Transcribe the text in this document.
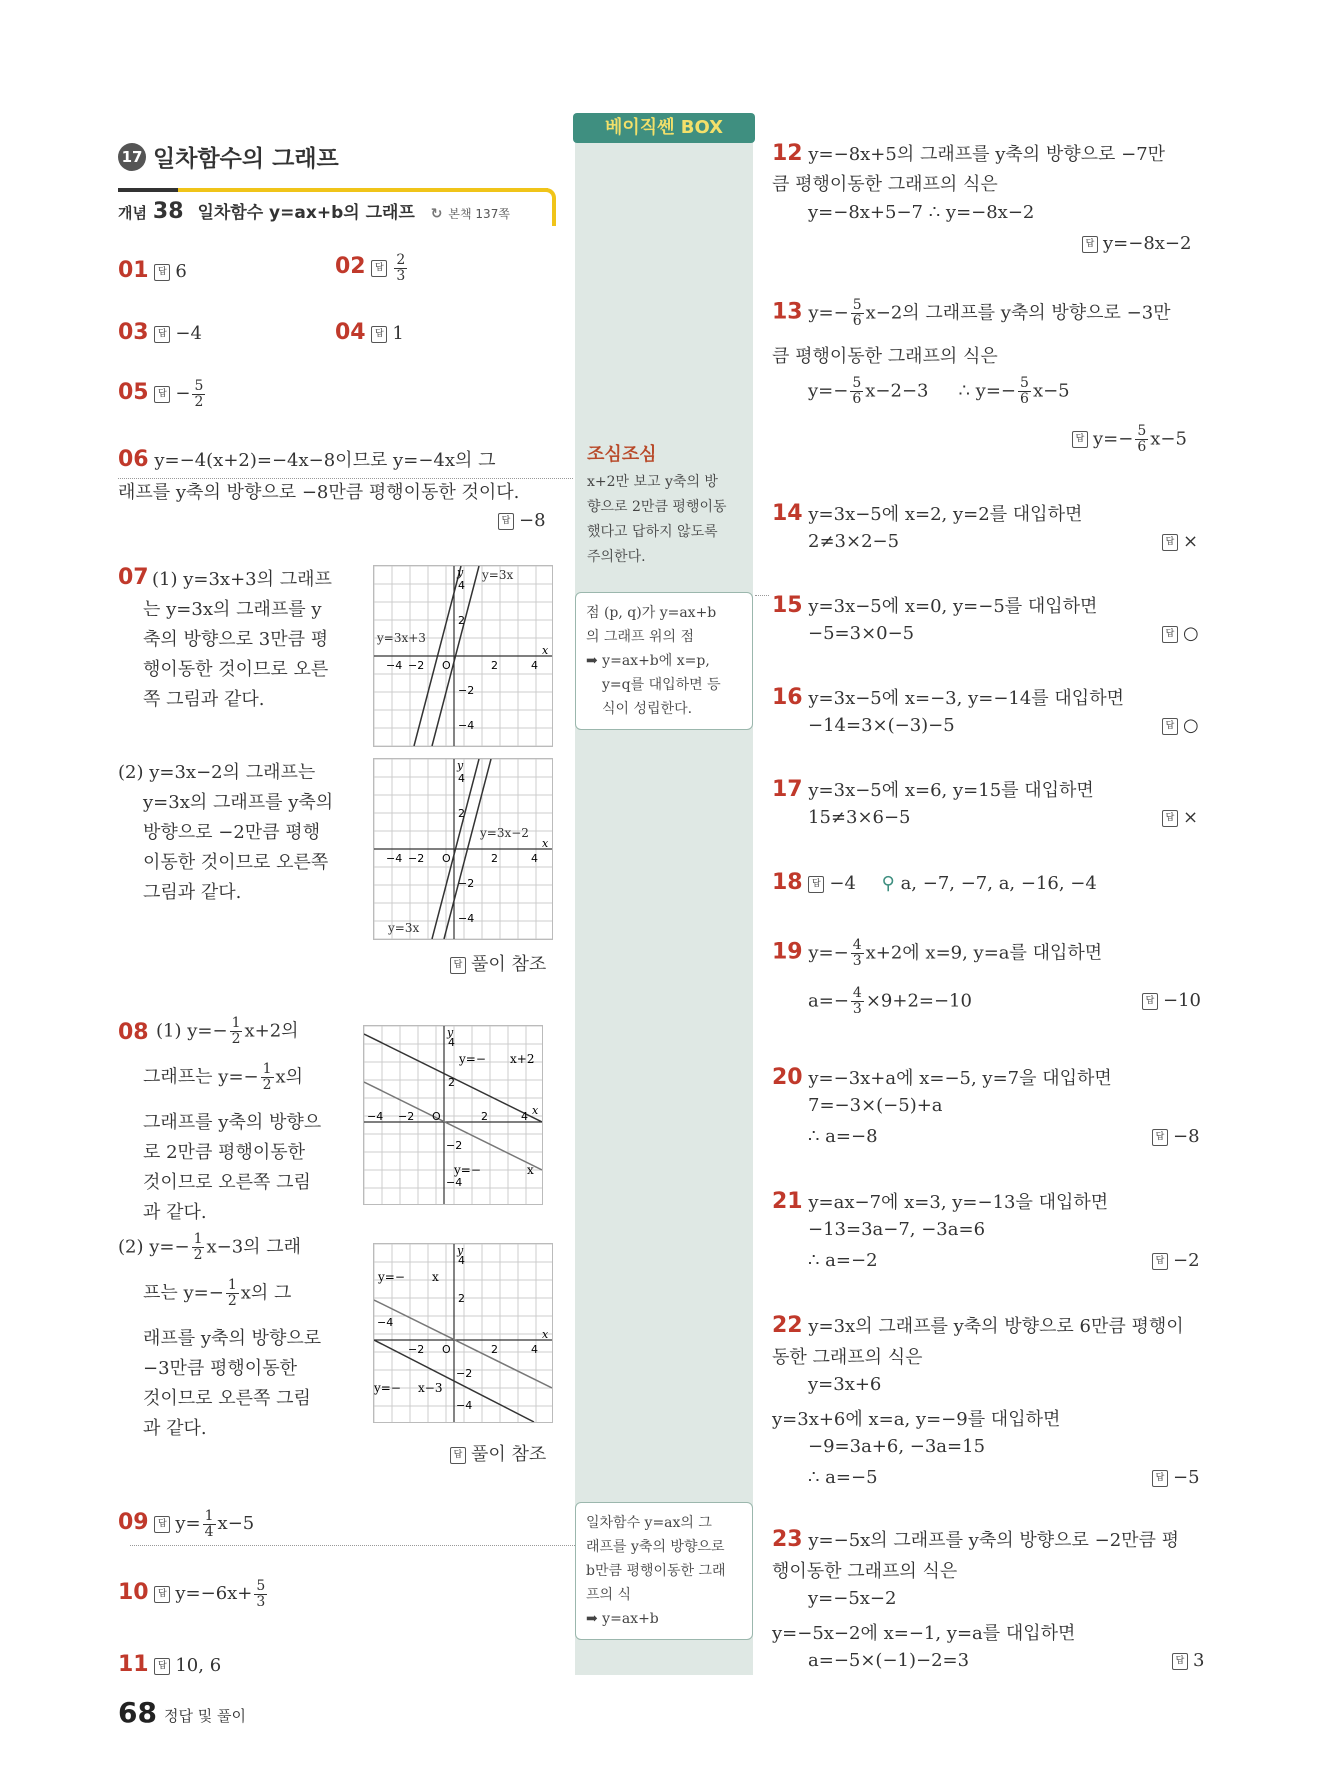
17 일차함수의 그래프
개념 38 일차함수 y=ax+b의 그래프 ↻ 본책 137쪽
01 답 6	02 답 $\frac{2}{3}$
03 답 −4	04 답 1
05 답 − $\frac{5}{2}$
06 y=−4(x+2)=−4x−8이므로 y=−4x의 그
래프를 y축의 방향으로 −8만큼 평행이동한 것이다.
답 −8
07 (1) y=3x+3의 그래프
는 y=3x의 그래프를 y
축의 방향으로 3만큼 평
행이동한 것이므로 오른
쪽 그림과 같다.
(2) y=3x−2의 그래프는
y=3x의 그래프를 y축의
방향으로 −2만큼 평행
이동한 것이므로 오른쪽
그림과 같다.
답 풀이 참조
y=3x
y=3x+3
y
x
−4 −2 O	2	4
4
2
−2
−4
y=3x−2
y=3x
y
x
−4 −2 O	2	4
4
2
−2
−4
08 (1) $y=- \frac{1}{2} x+2$의
그래프는 $y=- \frac{1}{2}$ x의
그래프를 y축의 방향으
로 2만큼 평행이동한
것이므로 오른쪽 그림
과 같다.
(2) $y=- \frac{1}{2} x-3$의 그래
프는 $y=- \frac{1}{2}$ x의 그
래프를 y축의 방향으로
−3만큼 평행이동한
것이므로 오른쪽 그림
과 같다.
답 풀이 참조
y=− x+2
y=−	x
y
x
−4 −2 O	2	4
4
2
−2
−4
y=− x
y=− x−3
y
x
−4
−2 O	2	4
4
2
−2
−4
09 답 $y= \frac{1}{4} x-5$
10 답 $y=-6x+ \frac{5}{3}$
11 답 10, 6
68 정답 및 풀이
베이직쎈 BOX
조심조심
x+2만 보고 y축의 방
향으로 2만큼 평행이동
했다고 답하지 않도록
주의한다.
점 (p, q)가 y=ax+b
의 그래프 위의 점
➡ y=ax+b에 x=p,
y=q를 대입하면 등
식이 성립한다.
일차함수 y=ax의 그
래프를 y축의 방향으로
b만큼 평행이동한 그래
프의 식
➡ y=ax+b
12 y=−8x+5의 그래프를 y축의 방향으로 −7만
큼 평행이동한 그래프의 식은
y=−8x+5−7 ∴ y=−8x−2
답 y=−8x−2
13 $y=- \frac{5}{6} x-2$의 그래프를 y축의 방향으로 −3만
큼 평행이동한 그래프의 식은
$y=- \frac{5}{6} x-2-3$ ∴ $y=- \frac{5}{6} x-5$
답 $y=- \frac{5}{6} x-5$
14 y=3x−5에 x=2, y=2를 대입하면
2≠3×2−5	답 ×
15 y=3x−5에 x=0, y=−5를 대입하면
−5=3×0−5	답 ○
16 y=3x−5에 x=−3, y=−14를 대입하면
−14=3×(−3)−5	답 ○
17 y=3x−5에 x=6, y=15를 대입하면
15≠3×6−5	답 ×
18 답 −4 ⚲ a, −7, −7, a, −16, −4
19 $y=- \frac{4}{3} x+2$에 x=9, y=a를 대입하면
$a=- \frac{4}{3} \times 9+2=-10$	답 −10
20 y=−3x+a에 x=−5, y=7을 대입하면
7=−3×(−5)+a
∴ a=−8	답 −8
21 y=ax−7에 x=3, y=−13을 대입하면
−13=3a−7, −3a=6
∴ a=−2	답 −2
22 y=3x의 그래프를 y축의 방향으로 6만큼 평행이
동한 그래프의 식은
y=3x+6
y=3x+6에 x=a, y=−9를 대입하면
−9=3a+6, −3a=15
∴ a=−5	답 −5
23 y=−5x의 그래프를 y축의 방향으로 −2만큼 평
행이동한 그래프의 식은
y=−5x−2
y=−5x−2에 x=−1, y=a를 대입하면
a=−5×(−1)−2=3	답 3
